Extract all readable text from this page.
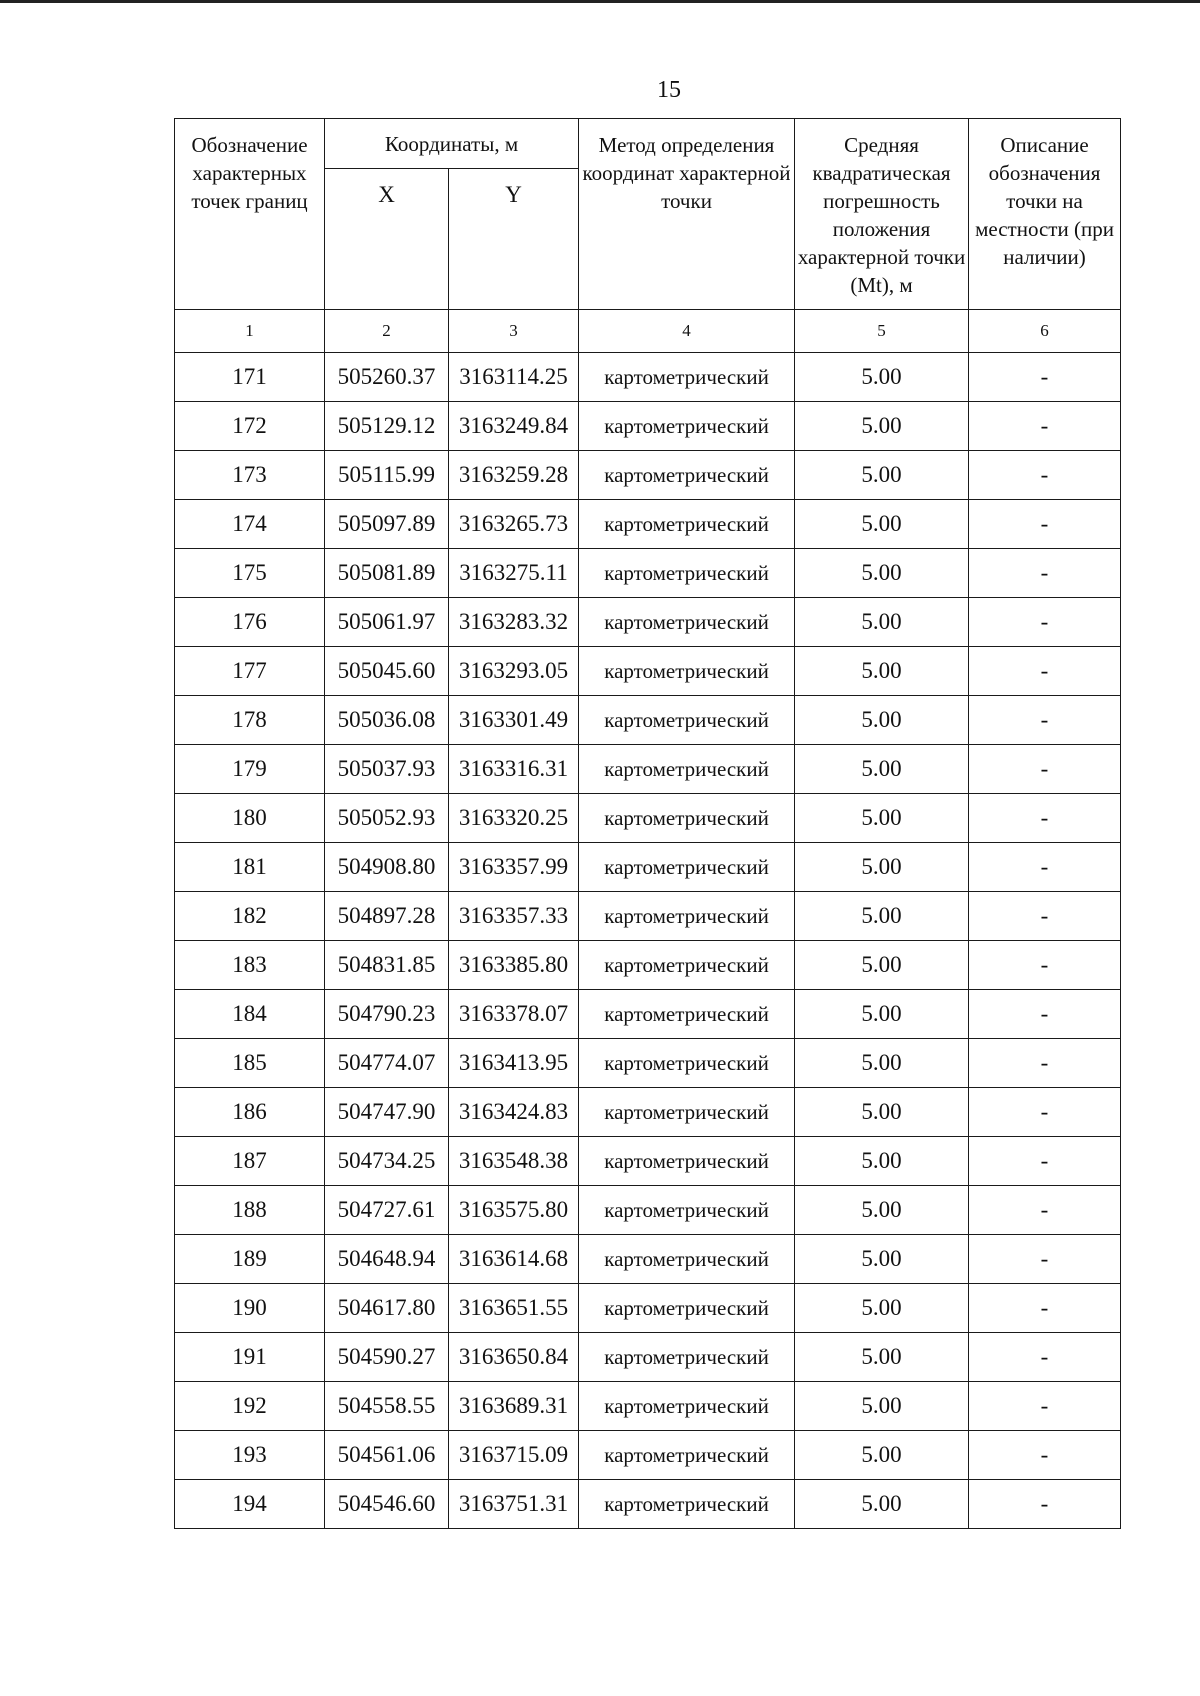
15
Обозначение характерных точек границ	Координаты, м		Метод определения координат характерной точки	Средняя квадратическая погрешность положения характерной точки (Mt), м	Описание обозначения точки на местности (при наличии)
	X	Y			
1	2	3	4	5	6
171	505260.37	3163114.25	картометрический	5.00	-
172	505129.12	3163249.84	картометрический	5.00	-
173	505115.99	3163259.28	картометрический	5.00	-
174	505097.89	3163265.73	картометрический	5.00	-
175	505081.89	3163275.11	картометрический	5.00	-
176	505061.97	3163283.32	картометрический	5.00	-
177	505045.60	3163293.05	картометрический	5.00	-
178	505036.08	3163301.49	картометрический	5.00	-
179	505037.93	3163316.31	картометрический	5.00	-
180	505052.93	3163320.25	картометрический	5.00	-
181	504908.80	3163357.99	картометрический	5.00	-
182	504897.28	3163357.33	картометрический	5.00	-
183	504831.85	3163385.80	картометрический	5.00	-
184	504790.23	3163378.07	картометрический	5.00	-
185	504774.07	3163413.95	картометрический	5.00	-
186	504747.90	3163424.83	картометрический	5.00	-
187	504734.25	3163548.38	картометрический	5.00	-
188	504727.61	3163575.80	картометрический	5.00	-
189	504648.94	3163614.68	картометрический	5.00	-
190	504617.80	3163651.55	картометрический	5.00	-
191	504590.27	3163650.84	картометрический	5.00	-
192	504558.55	3163689.31	картометрический	5.00	-
193	504561.06	3163715.09	картометрический	5.00	-
194	504546.60	3163751.31	картометрический	5.00	-
